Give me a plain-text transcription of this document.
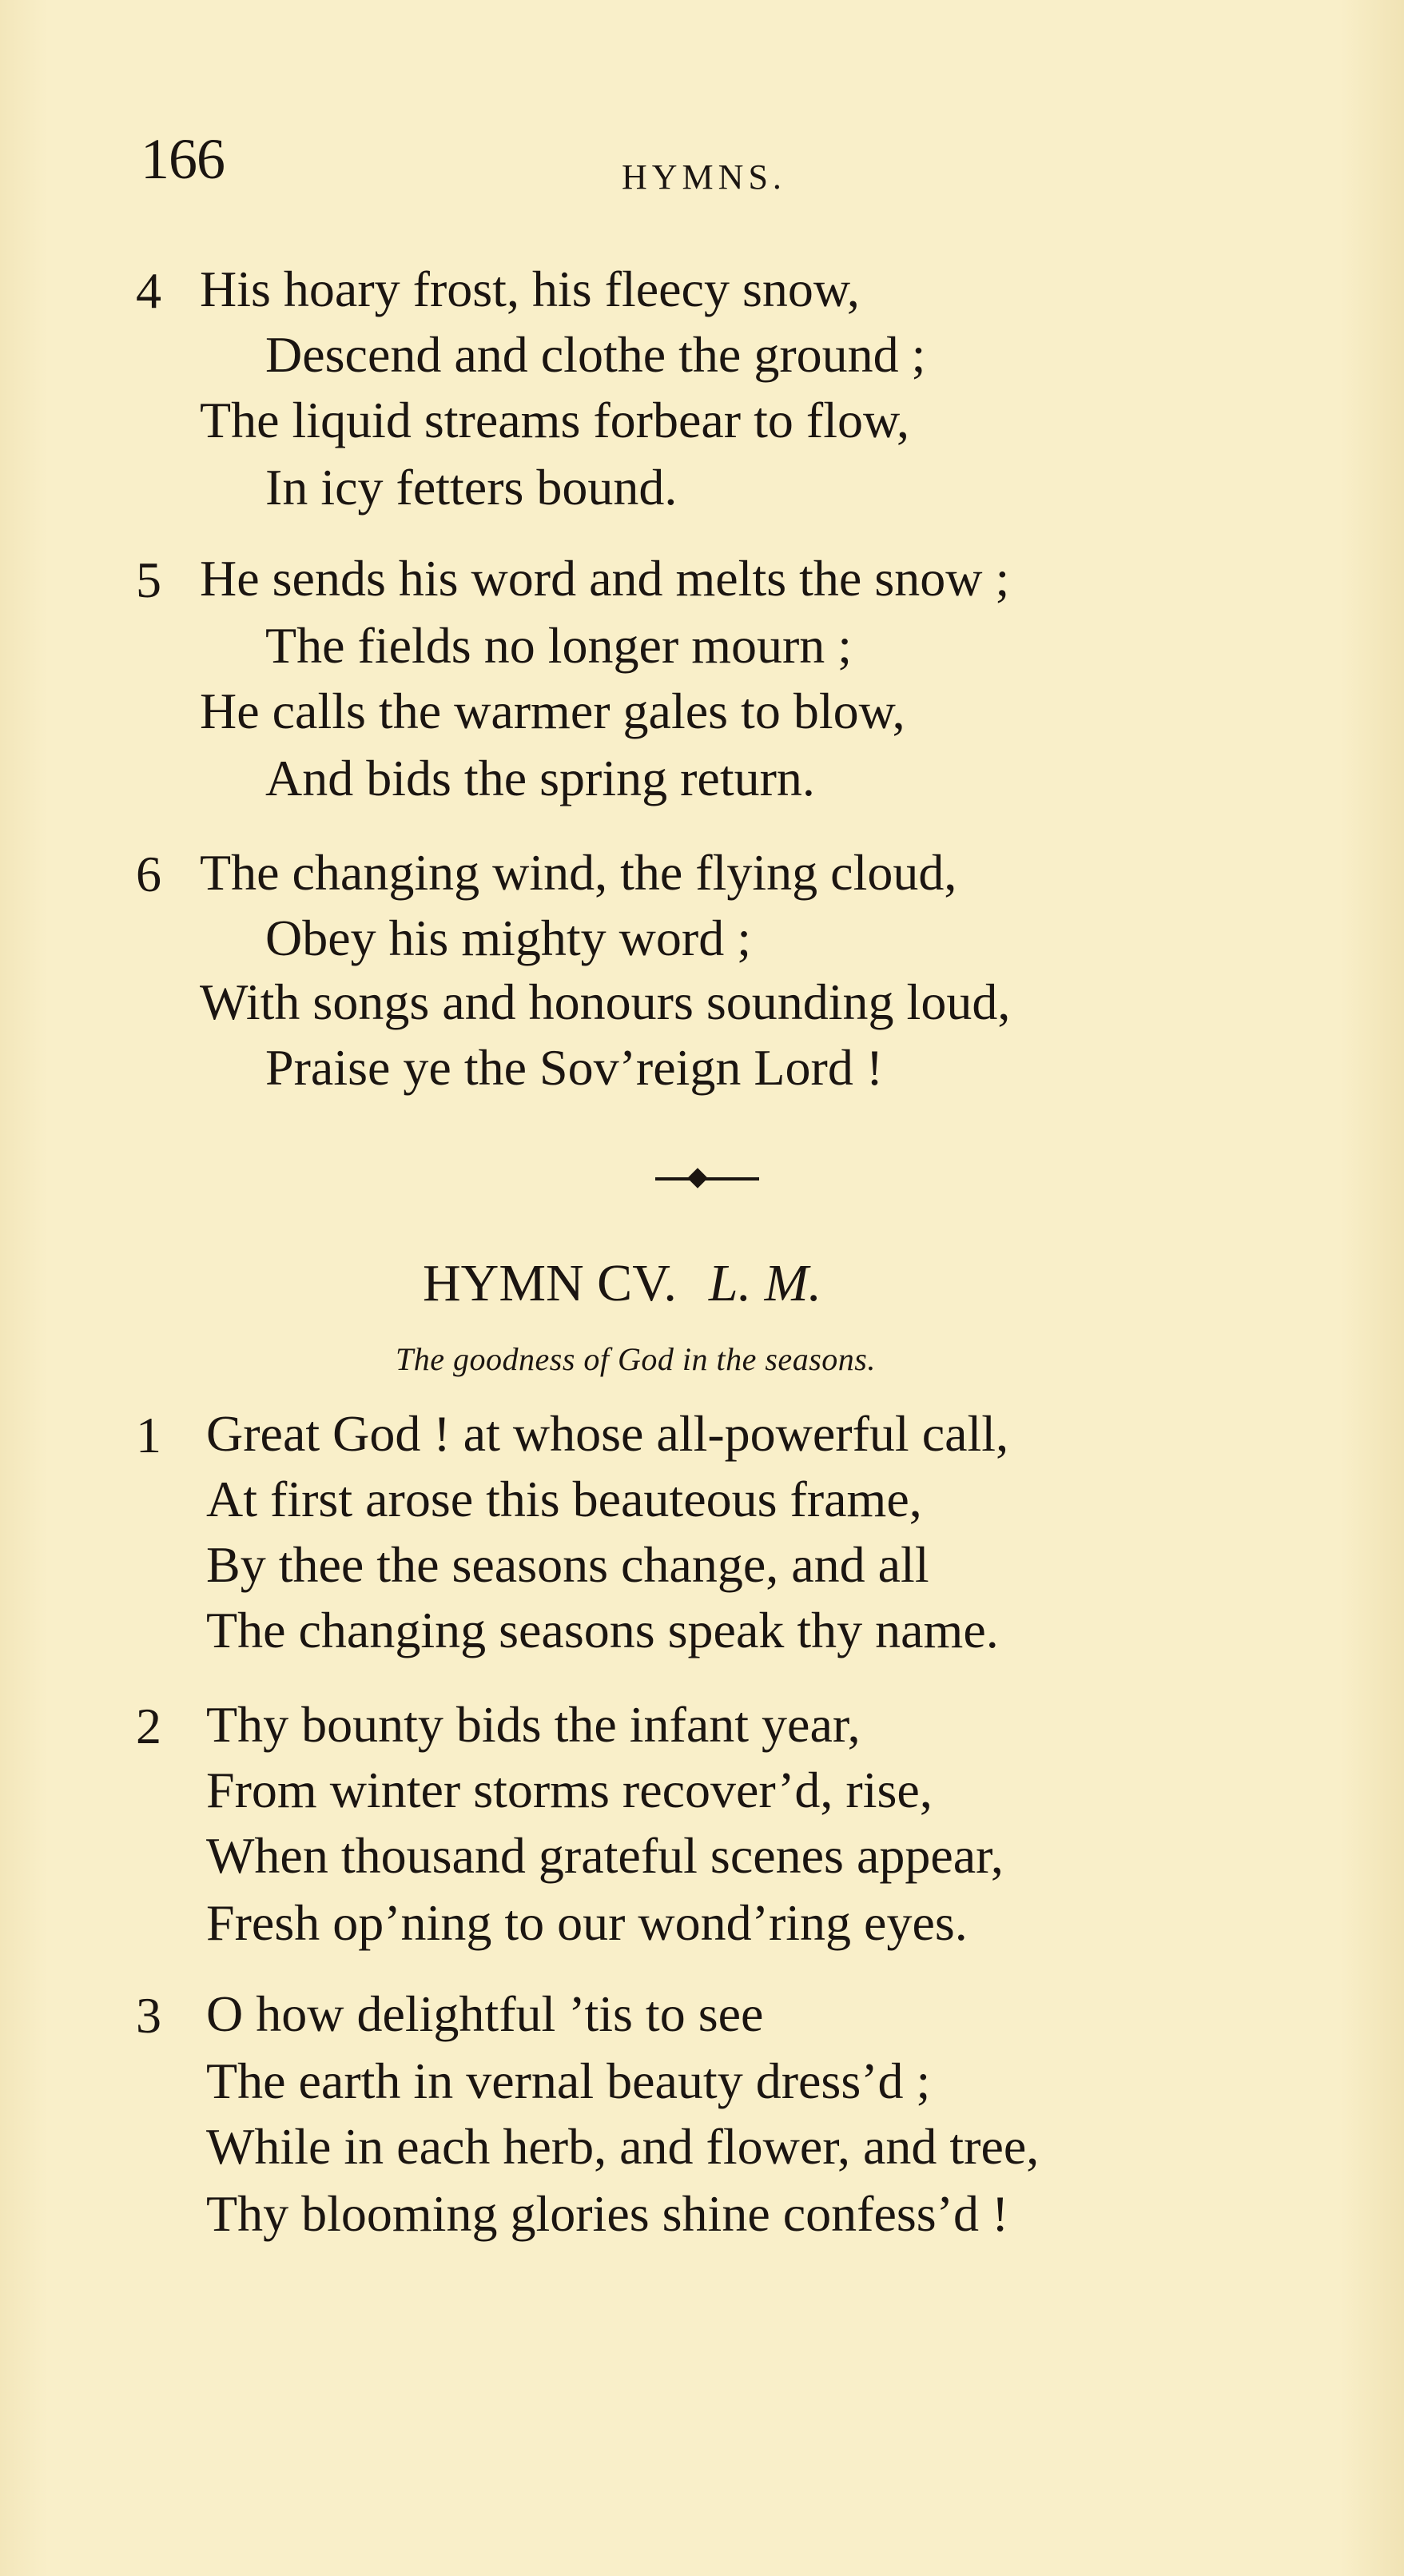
166	HYMNS.
4 His hoary frost, his fleecy snow,
Descend and clothe the ground ;
The liquid streams forbear to flow,
In icy fetters bound.
5 He sends his word and melts the snow ;
The fields no longer mourn ;
He calls the warmer gales to blow,
And bids the spring return.
6 The changing wind, the flying cloud,
Obey his mighty word ;
With songs and honours sounding loud,
Praise ye the Sov’reign Lord !
HYMN CV. L. M.
The goodness of God in the seasons.
1 Great God ! at whose all-powerful call,
At first arose this beauteous frame,
By thee the seasons change, and all
The changing seasons speak thy name.
2 Thy bounty bids the infant year,
From winter storms recover’d, rise,
When thousand grateful scenes appear,
Fresh op’ning to our wond’ring eyes.
3 O how delightful ’tis to see
The earth in vernal beauty dress’d ;
While in each herb, and flower, and tree,
Thy blooming glories shine confess’d !
